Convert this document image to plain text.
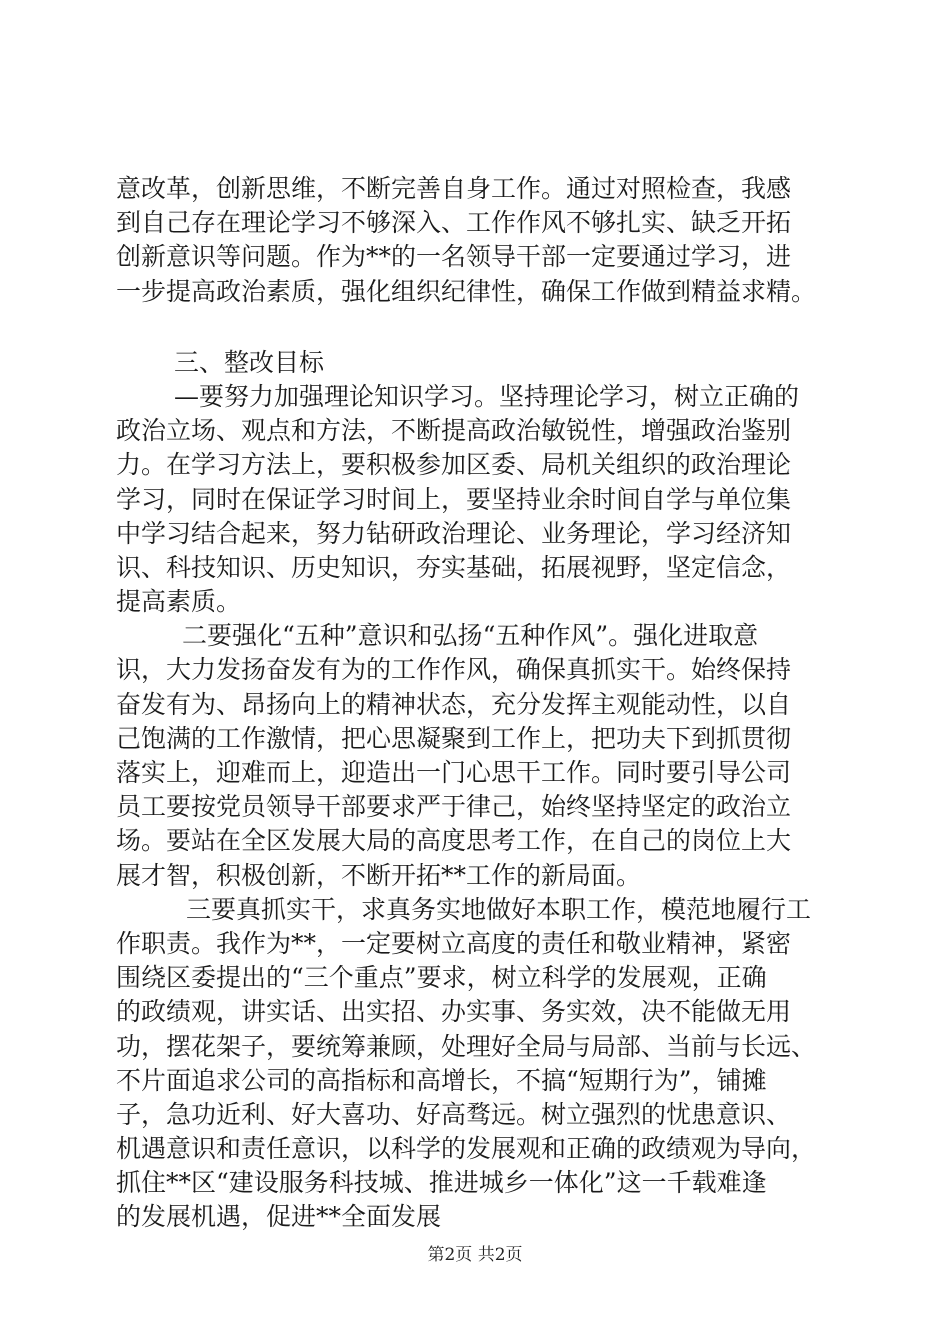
意改革，创新思维，不断完善自身工作。通过对照检查，我感
到自己存在理论学习不够深入、工作作风不够扎实、缺乏开拓
创新意识等问题。作为**的一名领导干部一定要通过学习，进
一步提高政治素质，强化组织纪律性，确保工作做到精益求精。
三、整改目标
—要努力加强理论知识学习。坚持理论学习，树立正确的
政治立场、观点和方法，不断提高政治敏锐性，增强政治鉴别
力。在学习方法上，要积极参加区委、局机关组织的政治理论
学习，同时在保证学习时间上，要坚持业余时间自学与单位集
中学习结合起来，努力钻研政治理论、业务理论，学习经济知
识、科技知识、历史知识，夯实基础，拓展视野，坚定信念，
提高素质。
二要强化“五种”意识和弘扬“五种作风”。强化进取意
识，大力发扬奋发有为的工作作风，确保真抓实干。始终保持
奋发有为、昂扬向上的精神状态，充分发挥主观能动性，以自
己饱满的工作激情，把心思凝聚到工作上，把功夫下到抓贯彻
落实上，迎难而上，迎造出一门心思干工作。同时要引导公司
员工要按党员领导干部要求严于律己，始终坚持坚定的政治立
场。要站在全区发展大局的高度思考工作，在自己的岗位上大
展才智，积极创新，不断开拓**工作的新局面。
三要真抓实干，求真务实地做好本职工作，模范地履行工
作职责。我作为**，一定要树立高度的责任和敬业精神，紧密
围绕区委提出的“三个重点”要求，树立科学的发展观，正确
的政绩观，讲实话、出实招、办实事、务实效，决不能做无用
功，摆花架子，要统筹兼顾，处理好全局与局部、当前与长远、
不片面追求公司的高指标和高增长，不搞“短期行为”，铺摊
子，急功近利、好大喜功、好高骛远。树立强烈的忧患意识、
机遇意识和责任意识，以科学的发展观和正确的政绩观为导向，
抓住**区“建设服务科技城、推进城乡一体化”这一千载难逢
的发展机遇，促进**全面发展
第2页 共2页
